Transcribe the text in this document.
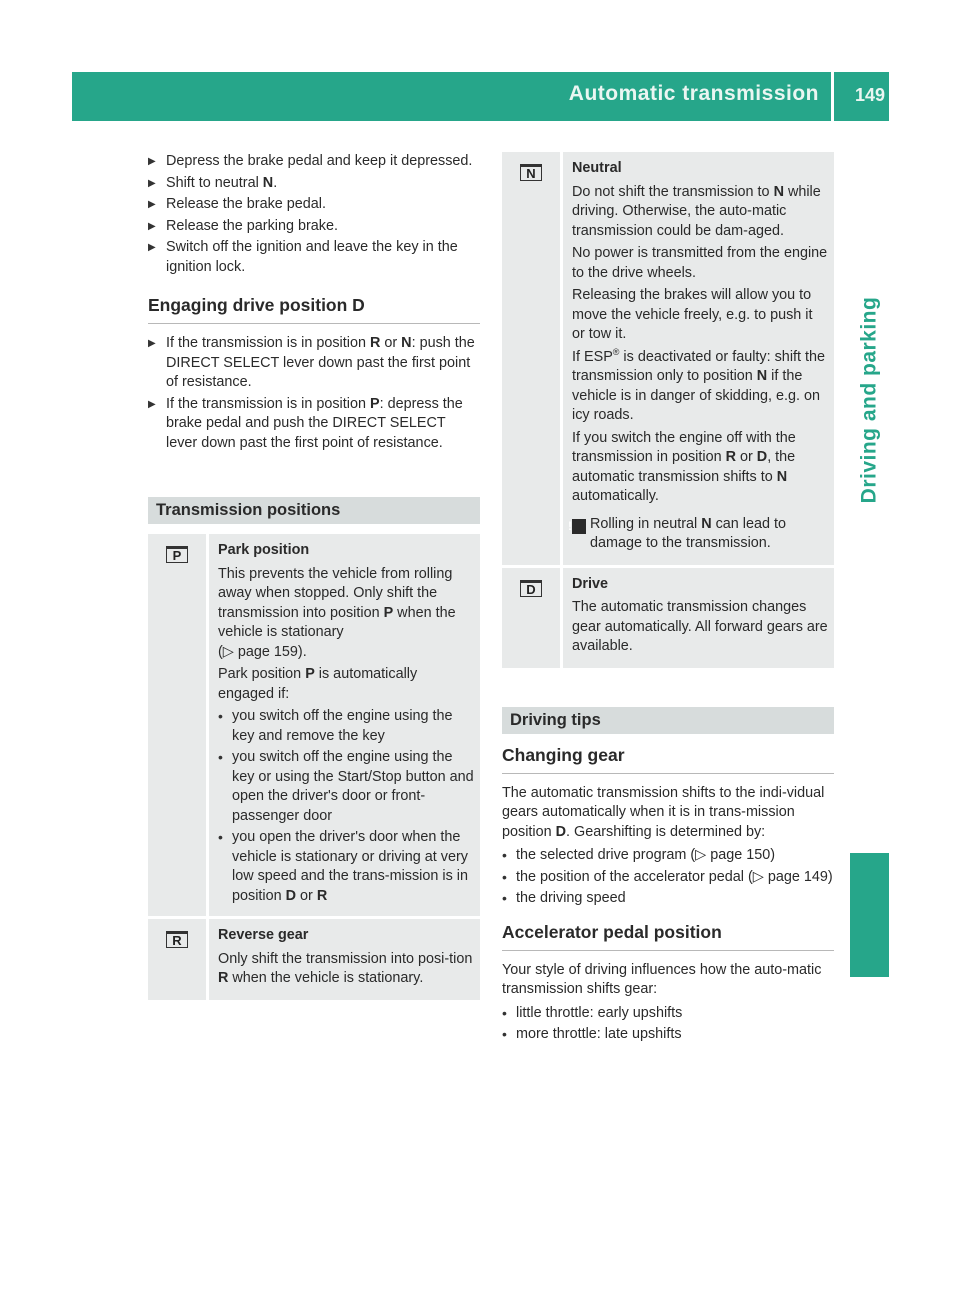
Automatic transmission 149
Driving and parking
▶ Depress the brake pedal and keep it depressed.
▶ Shift to neutral N.
▶ Release the brake pedal.
▶ Release the parking brake.
▶ Switch off the ignition and leave the key in the ignition lock.
Engaging drive position D
▶ If the transmission is in position R or N: push the DIRECT SELECT lever down past the first point of resistance.
▶ If the transmission is in position P: depress the brake pedal and push the DIRECT SELECT lever down past the first point of resistance.
Transmission positions
P	Park position

This prevents the vehicle from rolling away when stopped. Only shift the transmission into position P when the vehicle is stationary
(▷ page 159).

Park position P is automatically engaged if:

• you switch off the engine using the key and remove the key
• you switch off the engine using the key or using the Start/Stop button and open the driver's door or front-passenger door
• you open the driver's door when the vehicle is stationary or driving at very low speed and the trans-mission is in position D or R
R	Reverse gear

Only shift the transmission into posi-tion R when the vehicle is stationary.

N	Neutral

Do not shift the transmission to N while driving. Otherwise, the auto-matic transmission could be dam-aged.

No power is transmitted from the engine to the drive wheels.

Releasing the brakes will allow you to move the vehicle freely, e.g. to push it or tow it.

If ESP® is deactivated or faulty: shift the transmission only to position N if the vehicle is in danger of skidding, e.g. on icy roads.

If you switch the engine off with the transmission in position R or D, the automatic transmission shifts to N automatically.

! Rolling in neutral N can lead to damage to the transmission.

D	Drive

The automatic transmission changes gear automatically. All forward gears are available.

Driving tips
Changing gear

The automatic transmission shifts to the indi-vidual gears automatically when it is in trans-mission position D. Gearshifting is determined by:

• the selected drive program (▷ page 150)
• the position of the accelerator pedal (▷ page 149)
• the driving speed
Accelerator pedal position

Your style of driving influences how the auto-matic transmission shifts gear:

• little throttle: early upshifts
• more throttle: late upshifts
